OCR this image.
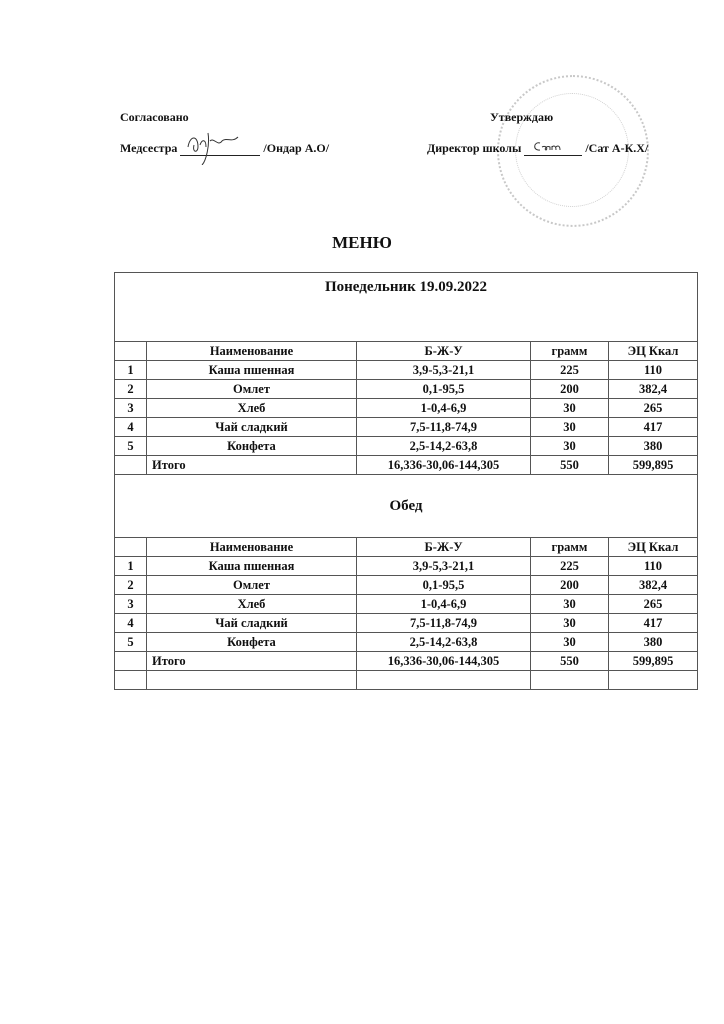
Согласовано
Медсестра	/Ондар А.О/
Утверждаю
Директор школы	/Сат А-К.Х/
МЕНЮ
Понедельник 19.09.2022				
	Наименование	Б-Ж-У	грамм	ЭЦ Ккал
1	Каша пшенная	3,9-5,3-21,1	225	110
2	Омлет	0,1-95,5	200	382,4
3	Хлеб	1-0,4-6,9	30	265
4	Чай сладкий	7,5-11,8-74,9	30	417
5	Конфета	2,5-14,2-63,8	30	380
	Итого	16,336-30,06-144,305	550	599,895
Обед				
	Наименование	Б-Ж-У	грамм	ЭЦ Ккал
1	Каша пшенная	3,9-5,3-21,1	225	110
2	Омлет	0,1-95,5	200	382,4
3	Хлеб	1-0,4-6,9	30	265
4	Чай сладкий	7,5-11,8-74,9	30	417
5	Конфета	2,5-14,2-63,8	30	380
	Итого	16,336-30,06-144,305	550	599,895
